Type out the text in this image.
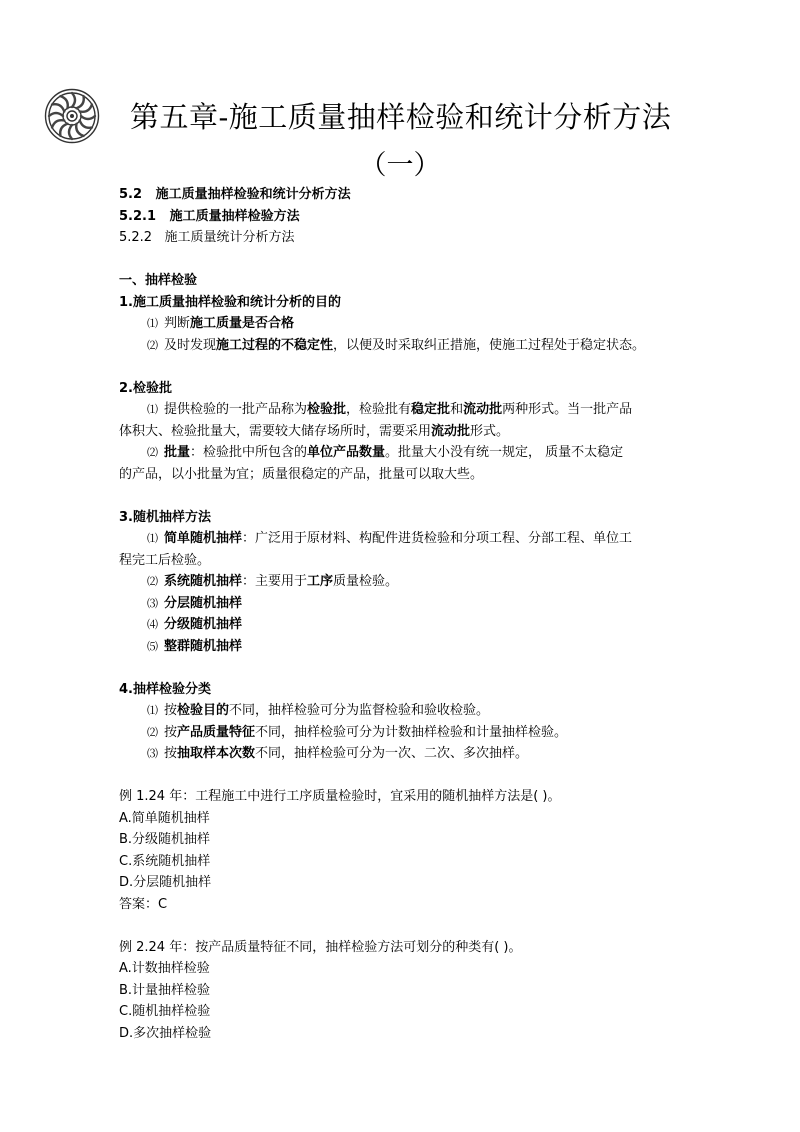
第五章-施工质量抽样检验和统计分析方法
（一）
5.2 施工质量抽样检验和统计分析方法
5.2.1 施工质量抽样检验方法
5.2.2 施工质量统计分析方法
一、抽样检验
1.施工质量抽样检验和统计分析的目的
⑴ 判断施工质量是否合格
⑵ 及时发现施工过程的不稳定性，以便及时采取纠正措施，使施工过程处于稳定状态。
2.检验批
⑴ 提供检验的一批产品称为检验批，检验批有稳定批和流动批两种形式。当一批产品
体积大、检验批量大，需要较大储存场所时，需要采用流动批形式。
⑵ 批量：检验批中所包含的单位产品数量。批量大小没有统一规定， 质量不太稳定
的产品，以小批量为宜；质量很稳定的产品，批量可以取大些。
3.随机抽样方法
⑴ 简单随机抽样：广泛用于原材料、构配件进货检验和分项工程、分部工程、单位工
程完工后检验。
⑵ 系统随机抽样：主要用于工序质量检验。
⑶ 分层随机抽样
⑷ 分级随机抽样
⑸ 整群随机抽样
4.抽样检验分类
⑴ 按检验目的不同，抽样检验可分为监督检验和验收检验。
⑵ 按产品质量特征不同，抽样检验可分为计数抽样检验和计量抽样检验。
⑶ 按抽取样本次数不同，抽样检验可分为一次、二次、多次抽样。
例 1.24 年：工程施工中进行工序质量检验时，宜采用的随机抽样方法是( )。
A.简单随机抽样
B.分级随机抽样
C.系统随机抽样
D.分层随机抽样
答案：C
例 2.24 年：按产品质量特征不同，抽样检验方法可划分的种类有( )。
A.计数抽样检验
B.计量抽样检验
C.随机抽样检验
D.多次抽样检验
